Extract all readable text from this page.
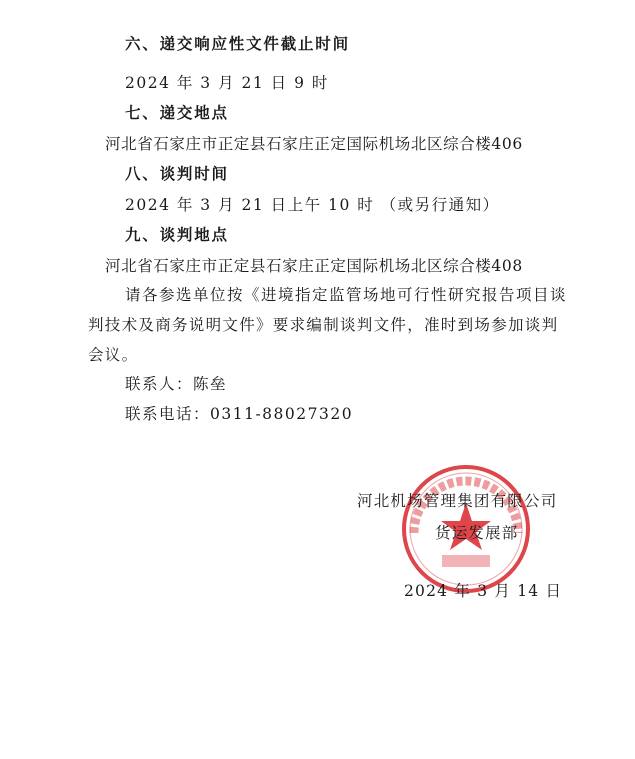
六、递交响应性文件截止时间
2024 年 3 月 21 日 9 时
七、递交地点
河北省石家庄市正定县石家庄正定国际机场北区综合楼406
八、谈判时间
2024 年 3 月 21 日上午 10 时 （或另行通知）
九、谈判地点
河北省石家庄市正定县石家庄正定国际机场北区综合楼408
请各参选单位按《进境指定监管场地可行性研究报告项目谈
判技术及商务说明文件》要求编制谈判文件，准时到场参加谈判
会议。
联系人：陈垒
联系电话：0311-88027320
河北机场管理集团有限公司
货运发展部
2024 年 3 月 14 日
